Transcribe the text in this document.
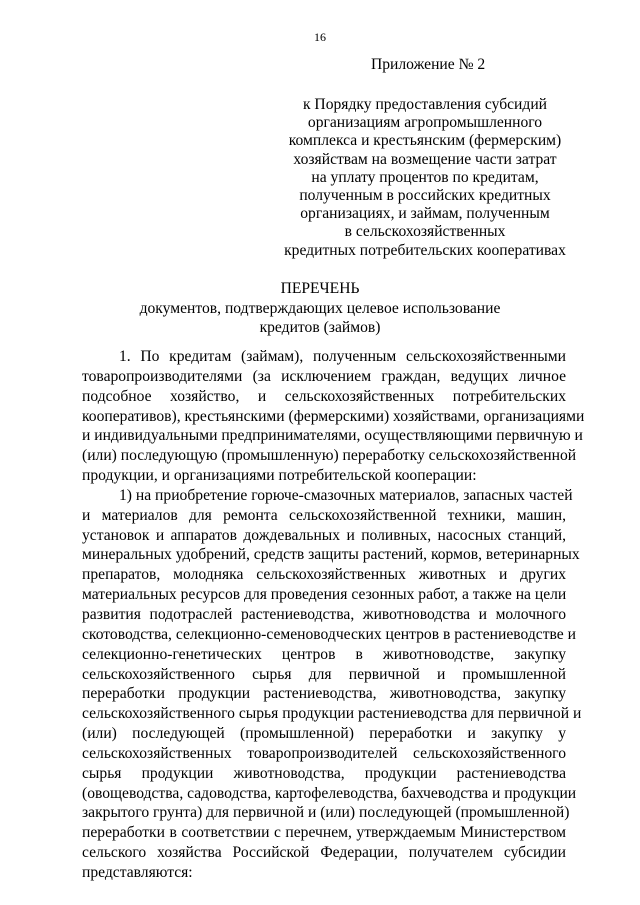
16
Приложение № 2
к Порядку предоставления субсидий
организациям агропромышленного
комплекса и крестьянским (фермерским)
хозяйствам на возмещение части затрат
на уплату процентов по кредитам,
полученным в российских кредитных
организациях, и займам, полученным
в сельскохозяйственных
кредитных потребительских кооперативах
ПЕРЕЧЕНЬ
документов, подтверждающих целевое использование
кредитов (займов)
1. По кредитам (займам), полученным сельскохозяйственными
товаропроизводителями (за исключением граждан, ведущих личное
подсобное хозяйство, и сельскохозяйственных потребительских
кооперативов), крестьянскими (фермерскими) хозяйствами, организациями
и индивидуальными предпринимателями, осуществляющими первичную и
(или) последующую (промышленную) переработку сельскохозяйственной
продукции, и организациями потребительской кооперации:
1) на приобретение горюче-смазочных материалов, запасных частей
и материалов для ремонта сельскохозяйственной техники, машин,
установок и аппаратов дождевальных и поливных, насосных станций,
минеральных удобрений, средств защиты растений, кормов, ветеринарных
препаратов, молодняка сельскохозяйственных животных и других
материальных ресурсов для проведения сезонных работ, а также на цели
развития подотраслей растениеводства, животноводства и молочного
скотоводства, селекционно-семеноводческих центров в растениеводстве и
селекционно-генетических центров в животноводстве, закупку
сельскохозяйственного сырья для первичной и промышленной
переработки продукции растениеводства, животноводства, закупку
сельскохозяйственного сырья продукции растениеводства для первичной и
(или) последующей (промышленной) переработки и закупку у
сельскохозяйственных товаропроизводителей сельскохозяйственного
сырья продукции животноводства, продукции растениеводства
(овощеводства, садоводства, картофелеводства, бахчеводства и продукции
закрытого грунта) для первичной и (или) последующей (промышленной)
переработки в соответствии с перечнем, утверждаемым Министерством
сельского хозяйства Российской Федерации, получателем субсидии
представляются:
